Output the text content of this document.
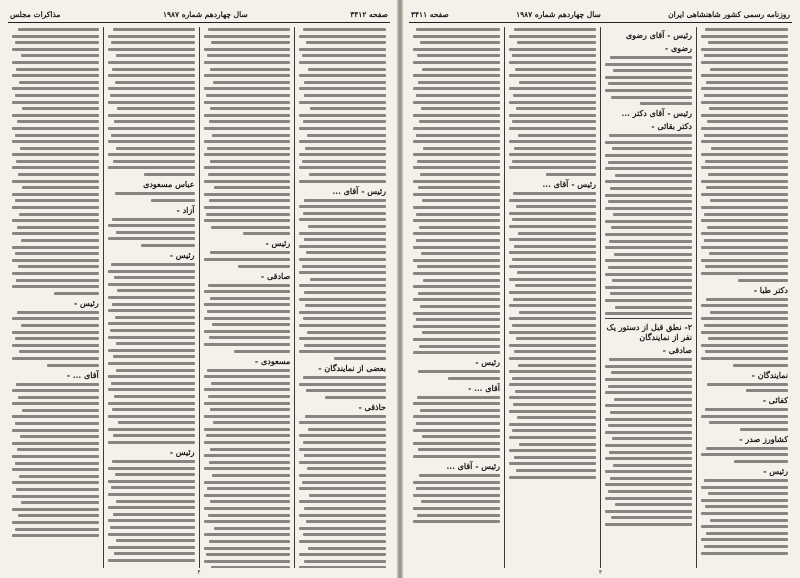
صفحه ۳۴۱۲
سال چهاردهم شماره ۱۹۸۷
مذاکرات مجلس
رئیس - آقای ...
بعضی از نمایندگان -
حاذقی -
رئیس -
صادقی -
مسعودی -
عباس مسعودی
آزاد -
رئیس -
رئیس -
رئیس -
آقای ... -
۴
روزنامه رسمی کشور شاهنشاهی ایران
سال چهاردهم شماره ۱۹۸۷
صفحه ۳۴۱۱
دکتر طبا -
نمایندگان -
کفائی -
کشاورز صدر -
رئیس -
رئیس - آقای رضوی
رضوی -
رئیس - آقای دکتر ...
دکتر بقائی -
۲- نطق قبل از دستور یک نفر از نمایندگان
صادقی -
رئیس - آقای ...
رئیس -
آقای ... -
رئیس - آقای ...
۳
